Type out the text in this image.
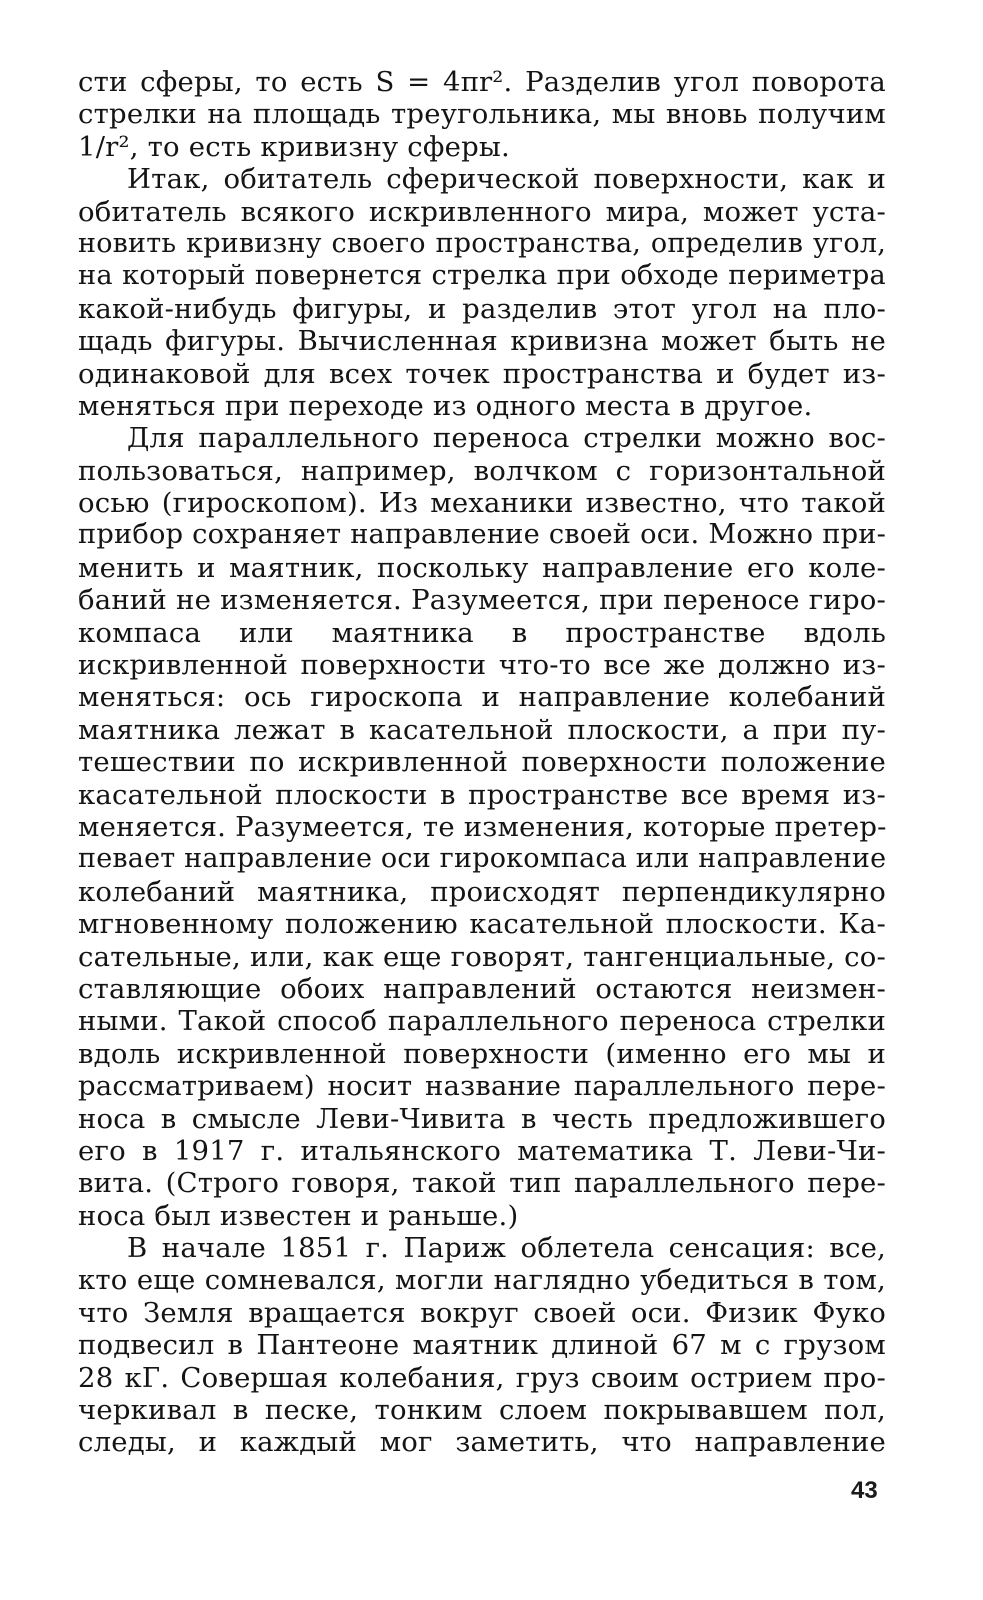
сти сферы, то есть S = 4πr². Разделив угол поворота
стрелки на площадь треугольника, мы вновь получим
1/r², то есть кривизну сферы.
Итак, обитатель сферической поверхности, как и
обитатель всякого искривленного мира, может уста-
новить кривизну своего пространства, определив угол,
на который повернется стрелка при обходе периметра
какой-нибудь фигуры, и разделив этот угол на пло-
щадь фигуры. Вычисленная кривизна может быть не
одинаковой для всех точек пространства и будет из-
меняться при переходе из одного места в другое.
Для параллельного переноса стрелки можно вос-
пользоваться, например, волчком с горизонтальной
осью (гироскопом). Из механики известно, что такой
прибор сохраняет направление своей оси. Можно при-
менить и маятник, поскольку направление его коле-
баний не изменяется. Разумеется, при переносе гиро-
компаса или маятника в пространстве вдоль
искривленной поверхности что-то все же должно из-
меняться: ось гироскопа и направление колебаний
маятника лежат в касательной плоскости, а при пу-
тешествии по искривленной поверхности положение
касательной плоскости в пространстве все время из-
меняется. Разумеется, те изменения, которые претер-
певает направление оси гирокомпаса или направление
колебаний маятника, происходят перпендикулярно
мгновенному положению касательной плоскости. Ка-
сательные, или, как еще говорят, тангенциальные, со-
ставляющие обоих направлений остаются неизмен-
ными. Такой способ параллельного переноса стрелки
вдоль искривленной поверхности (именно его мы и
рассматриваем) носит название параллельного пере-
носа в смысле Леви-Чивита в честь предложившего
его в 1917 г. итальянского математика Т. Леви-Чи-
вита. (Строго говоря, такой тип параллельного пере-
носа был известен и раньше.)
В начале 1851 г. Париж облетела сенсация: все,
кто еще сомневался, могли наглядно убедиться в том,
что Земля вращается вокруг своей оси. Физик Фуко
подвесил в Пантеоне маятник длиной 67 м с грузом
28 кГ. Совершая колебания, груз своим острием про-
черкивал в песке, тонким слоем покрывавшем пол,
следы, и каждый мог заметить, что направление
43
